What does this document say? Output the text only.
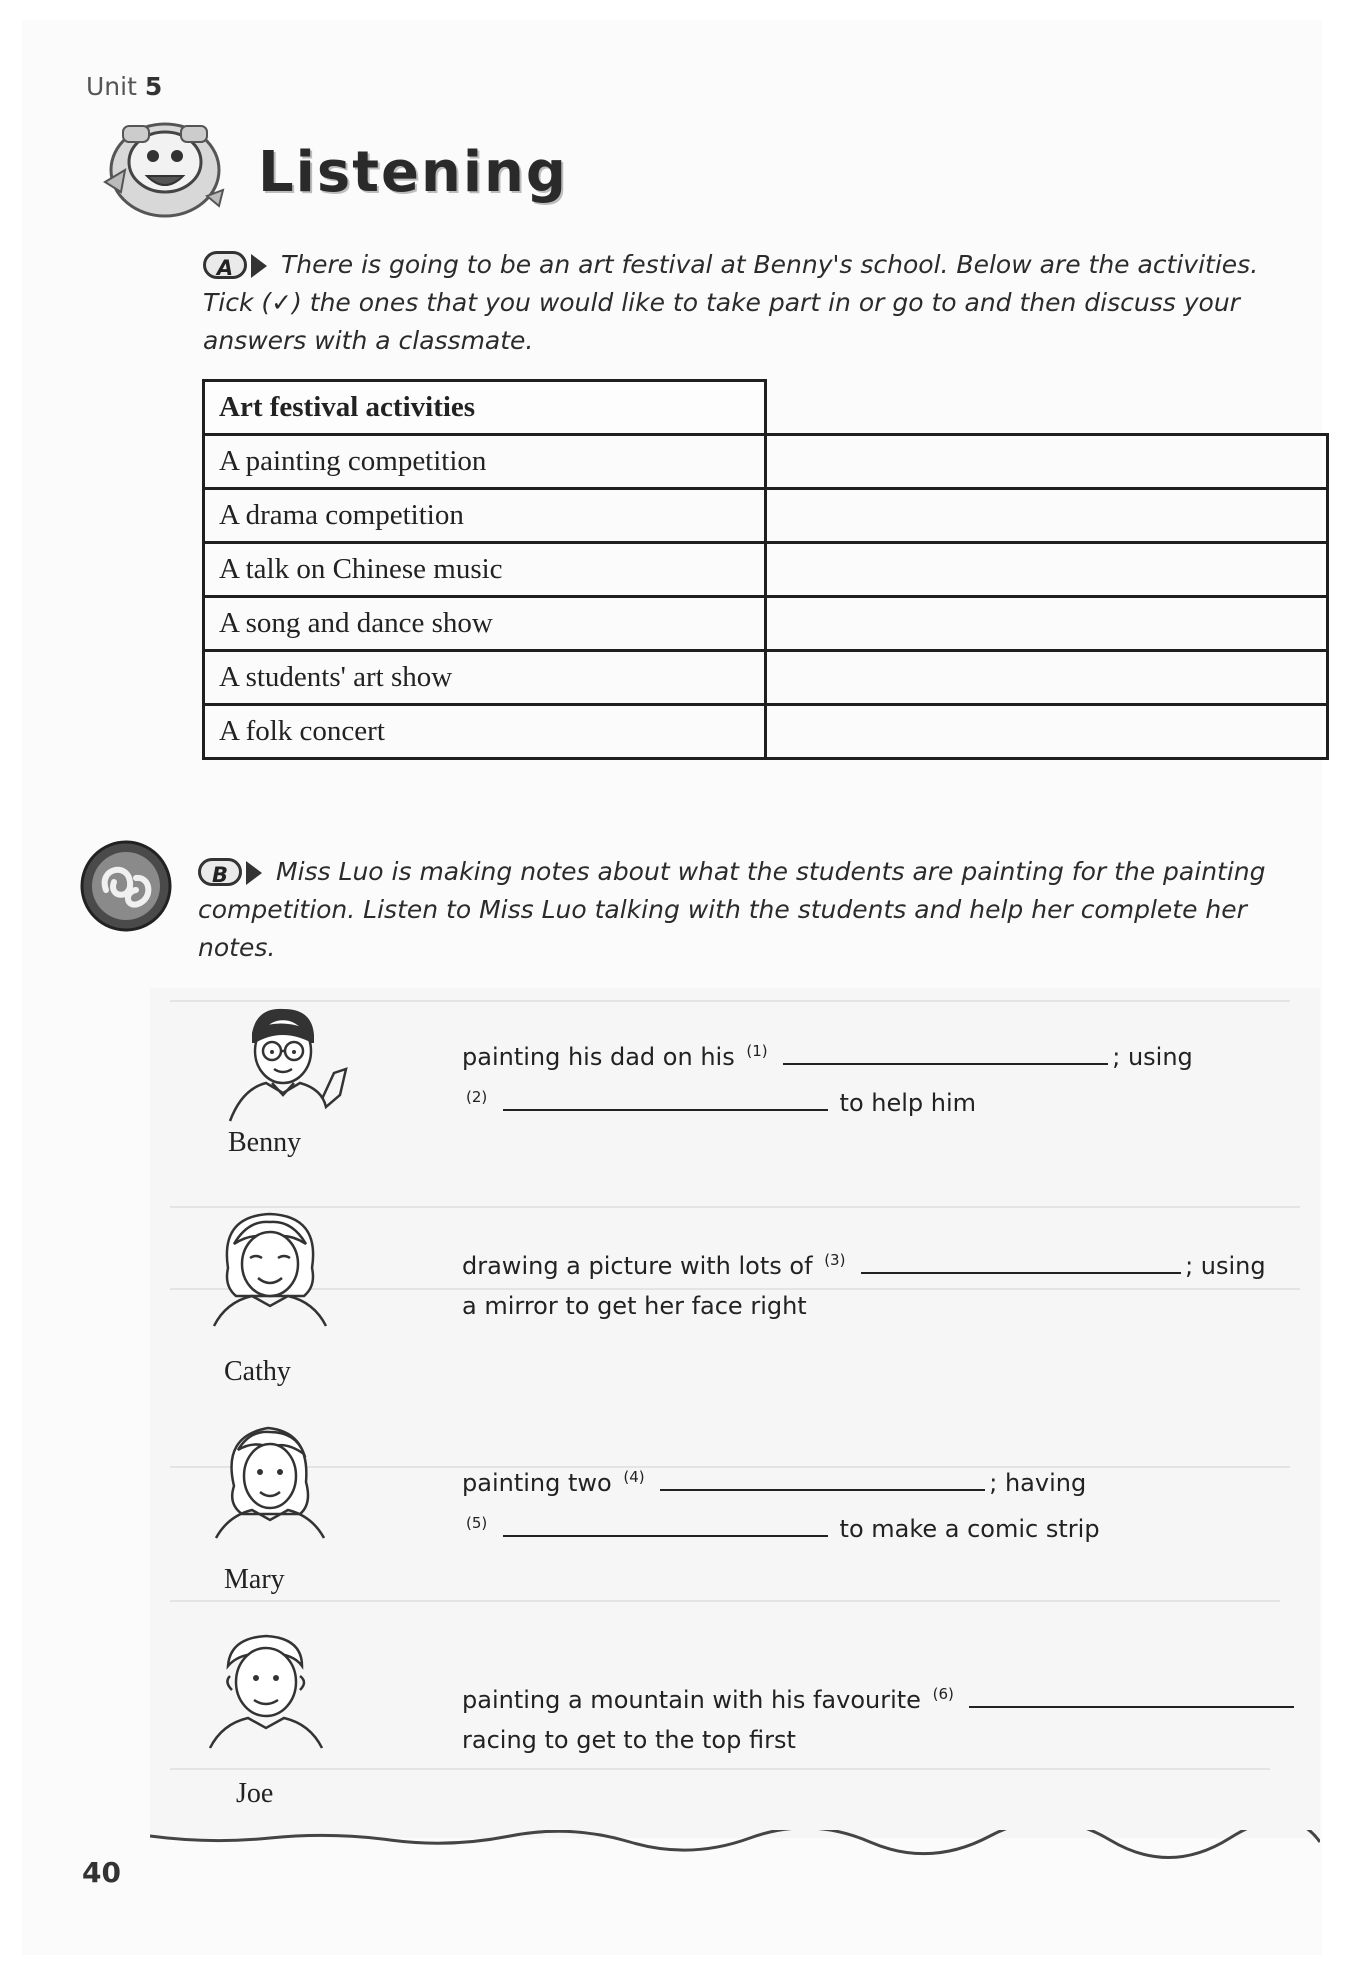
Unit 5
Listening
A	There is going to be an art festival at Benny's school. Below are the activities. Tick (✓) the ones that you would like to take part in or go to and then discuss your answers with a classmate.
Art festival activities	
A painting competition	
A drama competition	
A talk on Chinese music	
A song and dance show	
A students' art show	
A folk concert	
B	Miss Luo is making notes about what the students are painting for the painting competition. Listen to Miss Luo talking with the students and help her complete her notes.
Benny
painting his dad on his $^{(1)}$	; using
$^{(2)}$	to help him
Cathy
drawing a picture with lots of $^{(3)}$	; using
a mirror to get her face right
Mary
painting two $^{(4)}$	; having
$^{(5)}$	to make a comic strip
Joe
painting a mountain with his favourite $^{(6)}$
racing to get to the top first
40
